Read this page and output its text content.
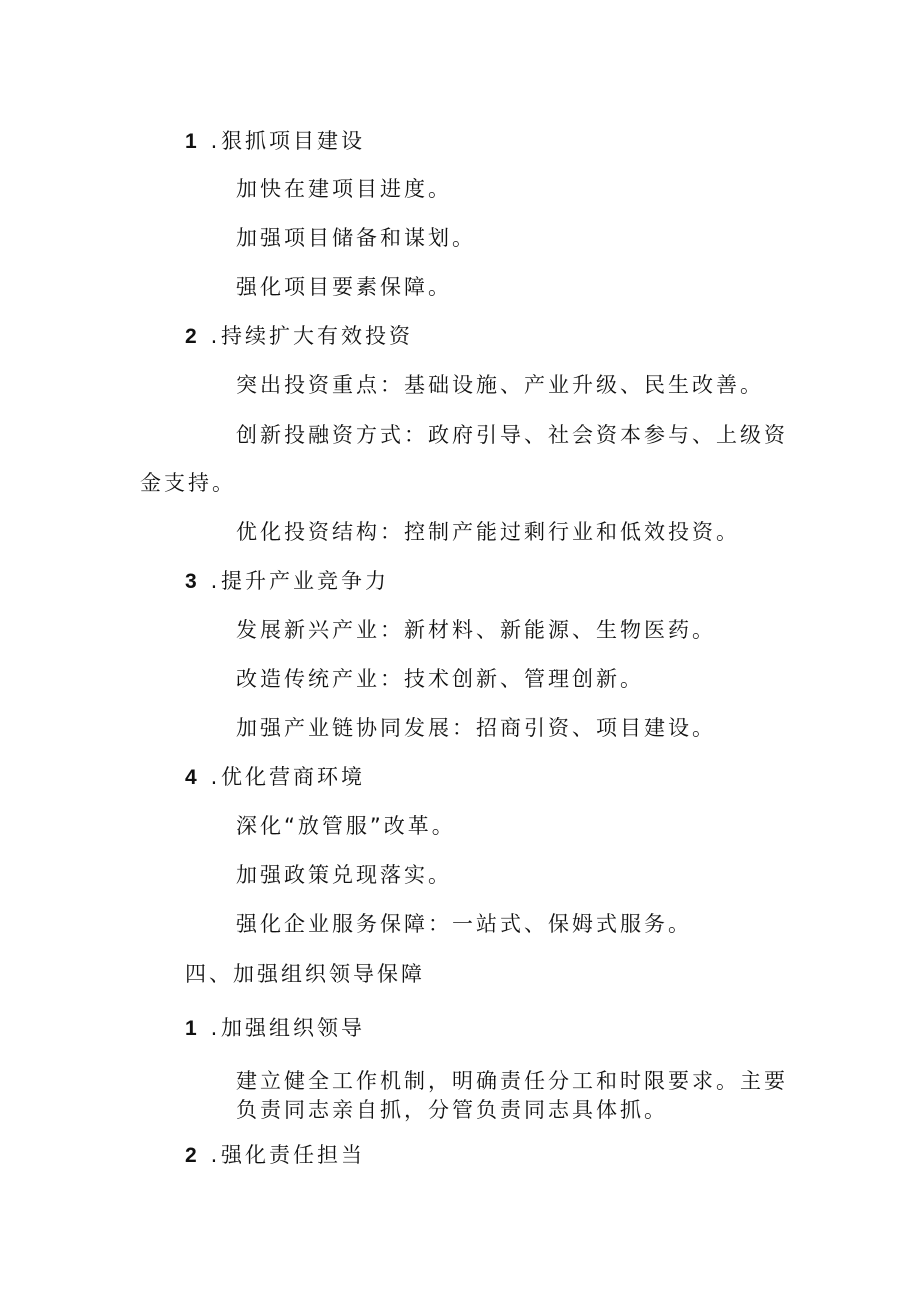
1 . 狠抓项目建设
加快在建项目进度。
加强项目储备和谋划。
强化项目要素保障。
2 . 持续扩大有效投资
突出投资重点：基础设施、产业升级、民生改善。
创新投融资方式：政府引导、社会资本参与、上级资
金支持。
优化投资结构：控制产能过剩行业和低效投资。
3 . 提升产业竞争力
发展新兴产业：新材料、新能源、生物医药。
改造传统产业：技术创新、管理创新。
加强产业链协同发展：招商引资、项目建设。
4 . 优化营商环境
深化“放管服”改革。
加强政策兑现落实。
强化企业服务保障：一站式、保姆式服务。
四、加强组织领导保障
1 . 加强组织领导
建立健全工作机制，明确责任分工和时限要求。主要
负责同志亲自抓，分管负责同志具体抓。
2 . 强化责任担当
